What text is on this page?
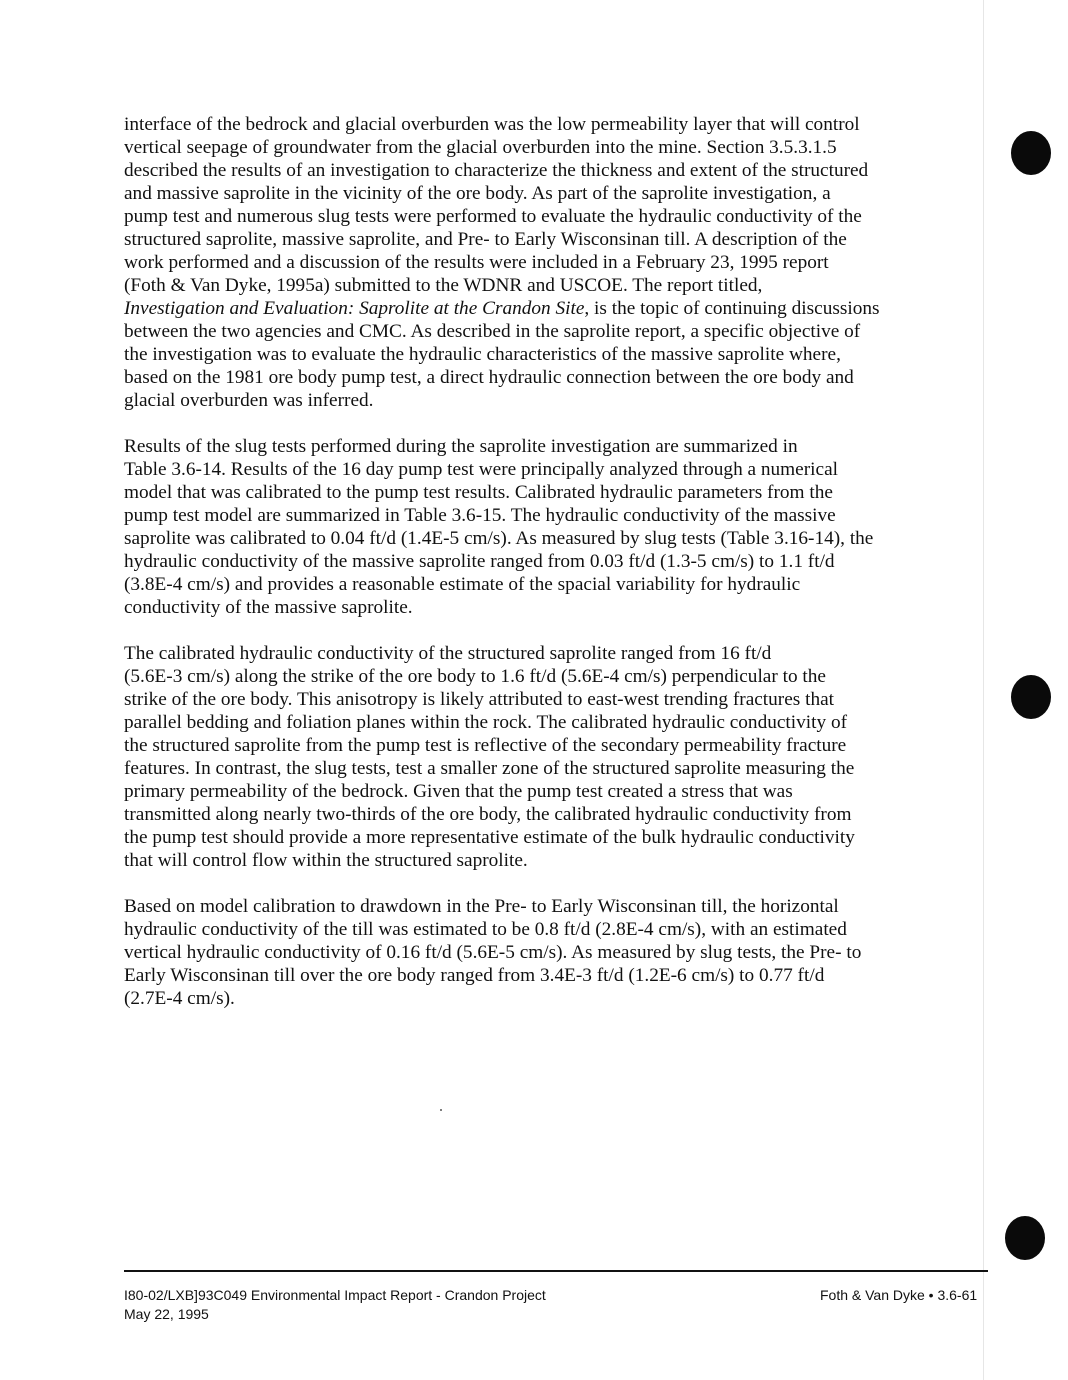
interface of the bedrock and glacial overburden was the low permeability layer that will control
vertical seepage of groundwater from the glacial overburden into the mine. Section 3.5.3.1.5
described the results of an investigation to characterize the thickness and extent of the structured
and massive saprolite in the vicinity of the ore body. As part of the saprolite investigation, a
pump test and numerous slug tests were performed to evaluate the hydraulic conductivity of the
structured saprolite, massive saprolite, and Pre- to Early Wisconsinan till. A description of the
work performed and a discussion of the results were included in a February 23, 1995 report
(Foth & Van Dyke, 1995a) submitted to the WDNR and USCOE. The report titled,
Investigation and Evaluation: Saprolite at the Crandon Site, is the topic of continuing discussions
between the two agencies and CMC. As described in the saprolite report, a specific objective of
the investigation was to evaluate the hydraulic characteristics of the massive saprolite where,
based on the 1981 ore body pump test, a direct hydraulic connection between the ore body and
glacial overburden was inferred.

Results of the slug tests performed during the saprolite investigation are summarized in
Table 3.6-14. Results of the 16 day pump test were principally analyzed through a numerical
model that was calibrated to the pump test results. Calibrated hydraulic parameters from the
pump test model are summarized in Table 3.6-15. The hydraulic conductivity of the massive
saprolite was calibrated to 0.04 ft/d (1.4E-5 cm/s). As measured by slug tests (Table 3.16-14), the
hydraulic conductivity of the massive saprolite ranged from 0.03 ft/d (1.3-5 cm/s) to 1.1 ft/d
(3.8E-4 cm/s) and provides a reasonable estimate of the spacial variability for hydraulic
conductivity of the massive saprolite.

The calibrated hydraulic conductivity of the structured saprolite ranged from 16 ft/d
(5.6E-3 cm/s) along the strike of the ore body to 1.6 ft/d (5.6E-4 cm/s) perpendicular to the
strike of the ore body. This anisotropy is likely attributed to east-west trending fractures that
parallel bedding and foliation planes within the rock. The calibrated hydraulic conductivity of
the structured saprolite from the pump test is reflective of the secondary permeability fracture
features. In contrast, the slug tests, test a smaller zone of the structured saprolite measuring the
primary permeability of the bedrock. Given that the pump test created a stress that was
transmitted along nearly two-thirds of the ore body, the calibrated hydraulic conductivity from
the pump test should provide a more representative estimate of the bulk hydraulic conductivity
that will control flow within the structured saprolite.

Based on model calibration to drawdown in the Pre- to Early Wisconsinan till, the horizontal
hydraulic conductivity of the till was estimated to be 0.8 ft/d (2.8E-4 cm/s), with an estimated
vertical hydraulic conductivity of 0.16 ft/d (5.6E-5 cm/s). As measured by slug tests, the Pre- to
Early Wisconsinan till over the ore body ranged from 3.4E-3 ft/d (1.2E-6 cm/s) to 0.77 ft/d
(2.7E-4 cm/s).

I80-02/LXB]93C049 Environmental Impact Report - Crandon Project
May 22, 1995
Foth & Van Dyke • 3.6-61
